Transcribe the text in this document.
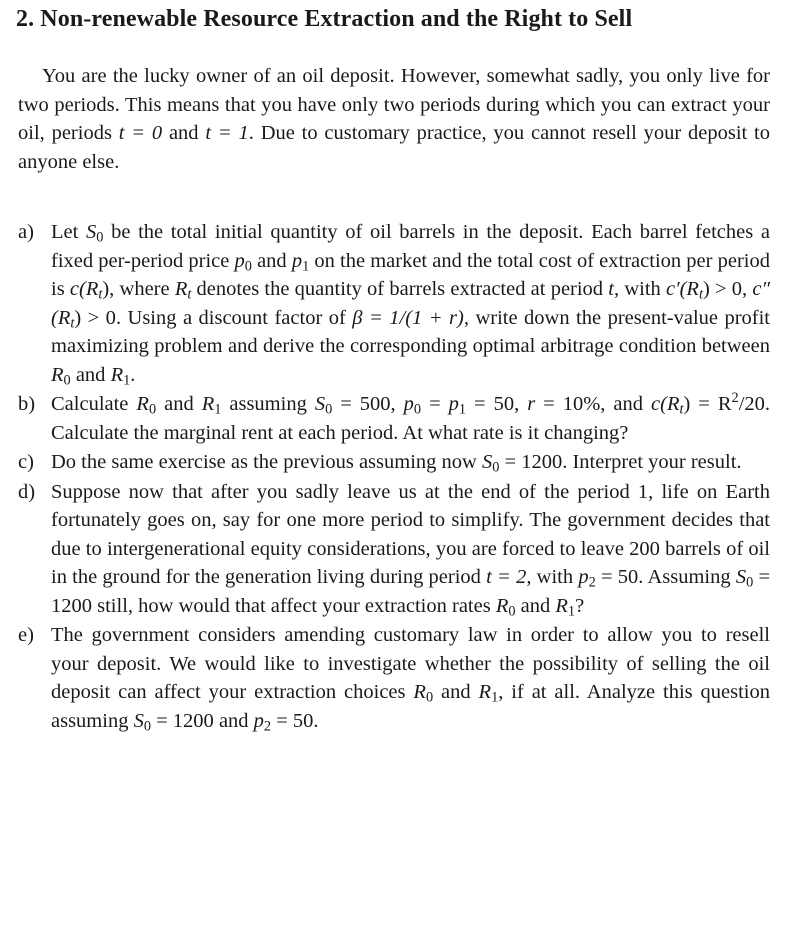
2. Non-renewable Resource Extraction and the Right to Sell

You are the lucky owner of an oil deposit. However, somewhat sadly, you only live for two periods. This means that you have only two periods during which you can extract your oil, periods t = 0 and t = 1. Due to customary practice, you cannot resell your deposit to anyone else.

a) Let $S_0$ be the total initial quantity of oil barrels in the deposit. Each barrel fetches a fixed per-period price $p_0$ and $p_1$ on the market and the total cost of extraction per period is $c(R_t)$, where $R_t$ denotes the quantity of barrels extracted at period t, with $c'(R_t) > 0$, $c''(R_t) > 0$. Using a discount factor of β = 1/(1 + r), write down the present-value profit maximizing problem and derive the corresponding optimal arbitrage condition between $R_0$ and $R_1$.
b) Calculate $R_0$ and $R_1$ assuming $S_0 = 500$, $p_0 = p_1 = 50$, r = 10%, and $c(R_t) = R^2/20$. Calculate the marginal rent at each period. At what rate is it changing?
c) Do the same exercise as the previous assuming now $S_0 = 1200$. Interpret your result.
d) Suppose now that after you sadly leave us at the end of the period 1, life on Earth fortunately goes on, say for one more period to simplify. The government decides that due to intergenerational equity considerations, you are forced to leave 200 barrels of oil in the ground for the generation living during period t = 2, with $p_2 = 50$. Assuming $S_0 = 1200$ still, how would that affect your extraction rates $R_0$ and $R_1$?
e) The government considers amending customary law in order to allow you to resell your deposit. We would like to investigate whether the possibility of selling the oil deposit can affect your extraction choices $R_0$ and $R_1$, if at all. Analyze this question assuming $S_0 = 1200$ and $p_2 = 50$.
